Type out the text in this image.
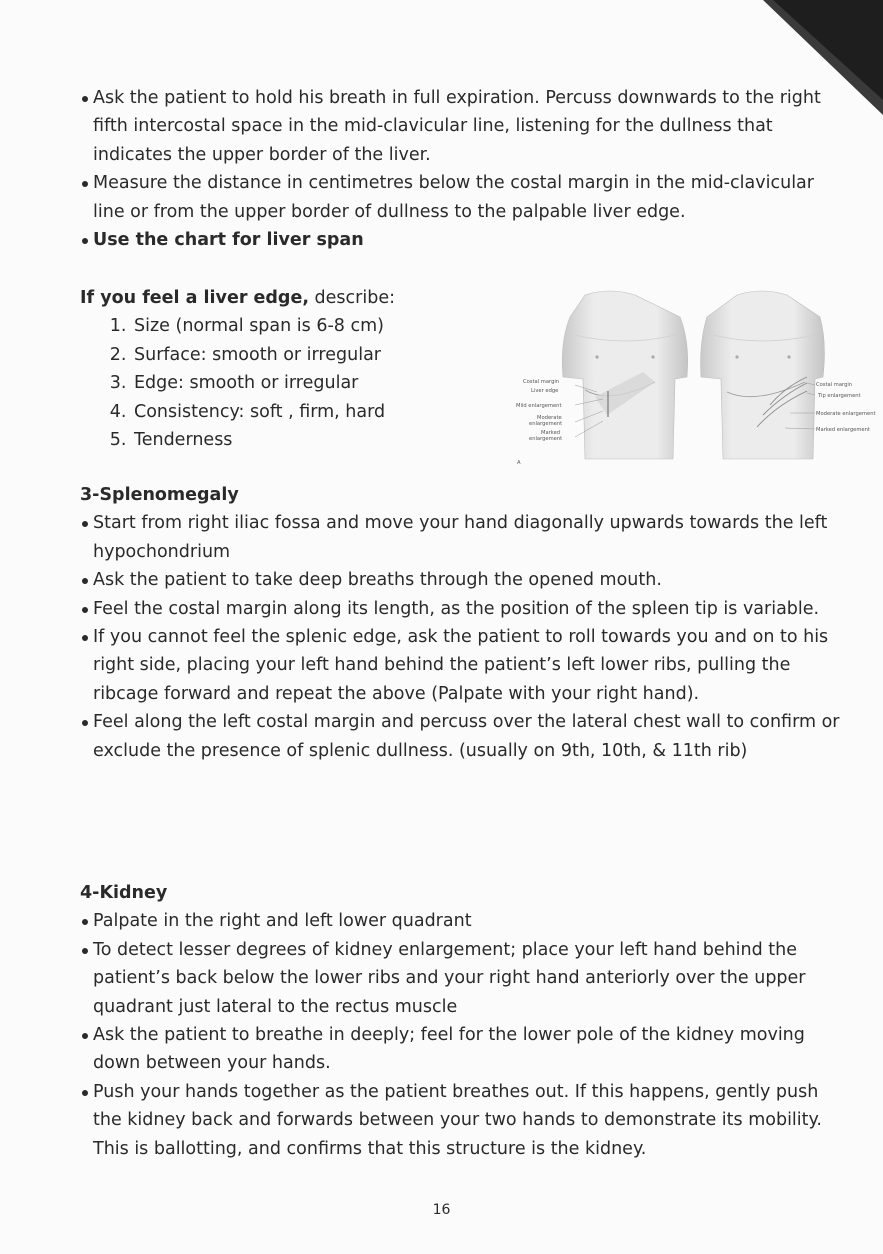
Ask the patient to hold his breath in full expiration. Percuss downwards to the right fifth intercostal space in the mid-clavicular line, listening for the dullness that indicates the upper border of the liver.

Measure the distance in centimetres below the costal margin in the mid-clavicular line or from the upper border of dullness to the palpable liver edge.

Use the chart for liver span

If you feel a liver edge, describe:

1. Size (normal span is 6-8 cm)
2. Surface: smooth or irregular
3. Edge: smooth or irregular
4. Consistency: soft , firm, hard
5. Tenderness
Costal margin
Liver edge
Mild enlargement
Moderate
enlargement
Marked
enlargement
Costal margin
Tip enlargement
Moderate enlargement
Marked enlargement
A

3-Splenomegaly

Start from right iliac fossa and move your hand diagonally upwards towards the left hypochondrium

Ask the patient to take deep breaths through the opened mouth.

Feel the costal margin along its length, as the position of the spleen tip is variable.

If you cannot feel the splenic edge, ask the patient to roll towards you and on to his right side, placing your left hand behind the patient’s left lower ribs, pulling the ribcage forward and repeat the above (Palpate with your right hand).

Feel along the left costal margin and percuss over the lateral chest wall to confirm or exclude the presence of splenic dullness. (usually on 9th, 10th, & 11th rib)

4-Kidney

Palpate in the right and left lower quadrant

To detect lesser degrees of kidney enlargement; place your left hand behind the patient’s back below the lower ribs and your right hand anteriorly over the upper quadrant just lateral to the rectus muscle

Ask the patient to breathe in deeply; feel for the lower pole of the kidney moving down between your hands.

Push your hands together as the patient breathes out. If this happens, gently push the kidney back and forwards between your two hands to demonstrate its mobility. This is ballotting, and confirms that this structure is the kidney.

16
